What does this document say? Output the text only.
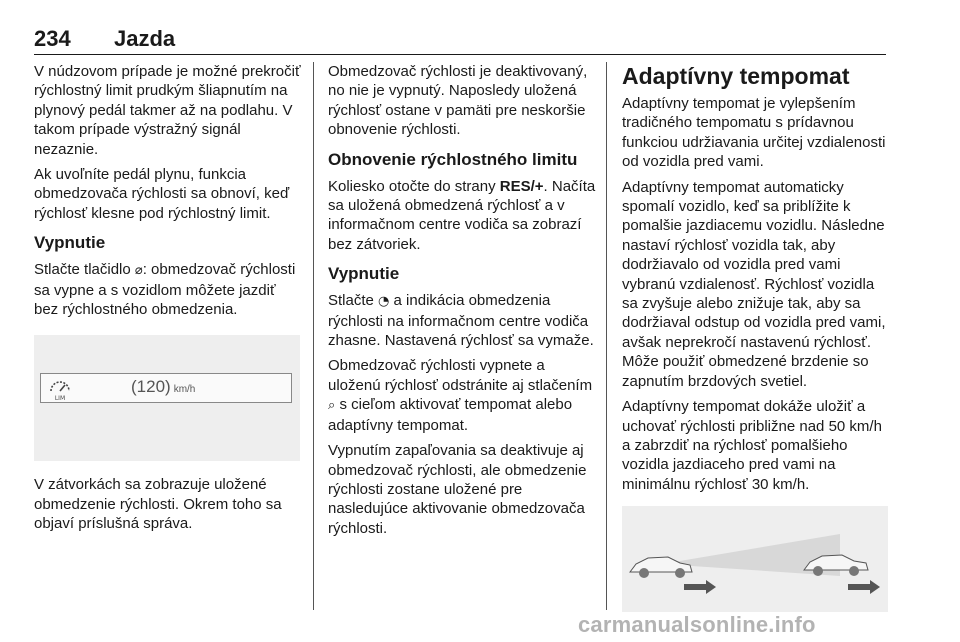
234 Jazda

V núdzovom prípade je možné prekročiť rýchlostný limit prudkým šliapnutím na plynový pedál takmer až na podlahu. V takom prípade výstražný signál nezaznie.

Ak uvoľníte pedál plynu, funkcia obmedzovača rýchlosti sa obnoví, keď rýchlosť klesne pod rýchlostný limit.

Vypnutie

Stlačte tlačidlo ⌀: obmedzovač rýchlosti sa vypne a s vozidlom môžete jazdiť bez rýchlostného obmedzenia.

LIM
(120) km/h

V zátvorkách sa zobrazuje uložené obmedzenie rýchlosti. Okrem toho sa objaví príslušná správa.

Obmedzovač rýchlosti je deaktivovaný, no nie je vypnutý. Naposledy uložená rýchlosť ostane v pamäti pre neskoršie obnovenie rýchlosti.

Obnovenie rýchlostného limitu

Koliesko otočte do strany RES/+. Načíta sa uložená obmedzená rýchlosť a v informačnom centre vodiča sa zobrazí bez zátvoriek.

Vypnutie

Stlačte ◔ a indikácia obmedzenia rýchlosti na informačnom centre vodiča zhasne. Nastavená rýchlosť sa vymaže.

Obmedzovač rýchlosti vypnete a uloženú rýchlosť odstránite aj stlačením ⌕ s cieľom aktivovať tempomat alebo adaptívny tempomat.

Vypnutím zapaľovania sa deaktivuje aj obmedzovač rýchlosti, ale obmedzenie rýchlosti zostane uložené pre nasledujúce aktivovanie obmedzovača rýchlosti.

Adaptívny tempomat

Adaptívny tempomat je vylepšením tradičného tempomatu s prídavnou funkciou udržiavania určitej vzdialenosti od vozidla pred vami.

Adaptívny tempomat automaticky spomalí vozidlo, keď sa priblížite k pomalšie jazdiacemu vozidlu. Následne nastaví rýchlosť vozidla tak, aby dodržiavalo od vozidla pred vami vybranú vzdialenosť. Rýchlosť vozidla sa zvyšuje alebo znižuje tak, aby sa dodržiaval odstup od vozidla pred vami, avšak neprekročí nastavenú rýchlosť. Môže použiť obmedzené brzdenie so zapnutím brzdových svetiel.

Adaptívny tempomat dokáže uložiť a uchovať rýchlosti približne nad 50 km/h a zabrzdiť na rýchlosť pomalšieho vozidla jazdiaceho pred vami na minimálnu rýchlosť 30 km/h.

carmanualsonline.info
